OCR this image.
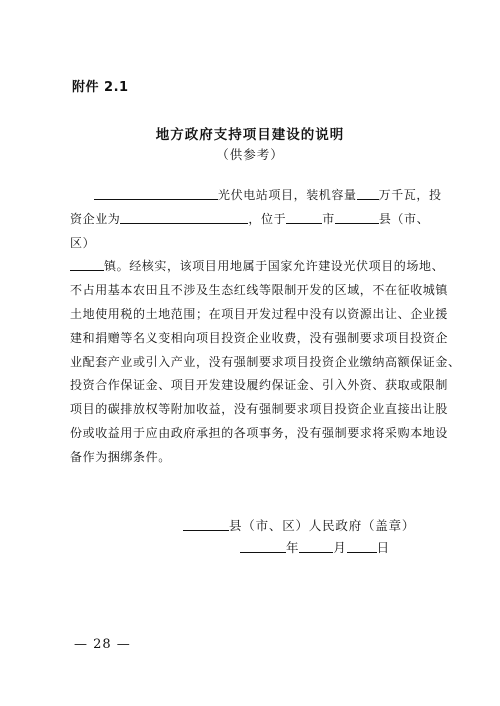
附件 2.1
地方政府支持项目建设的说明
（供参考）
光伏电站项目，装机容量 万千瓦，投
资企业为	，位于	市	县（市、
区）
镇。经核实，该项目用地属于国家允许建设光伏项目的场地、
不占用基本农田且不涉及生态红线等限制开发的区域，不在征收城镇
土地使用税的土地范围；在项目开发过程中没有以资源出让、企业援
建和捐赠等名义变相向项目投资企业收费，没有强制要求项目投资企
业配套产业或引入产业，没有强制要求项目投资企业缴纳高额保证金、
投资合作保证金、项目开发建设履约保证金、引入外资、获取或限制
项目的碳排放权等附加收益，没有强制要求项目投资企业直接出让股
份或收益用于应由政府承担的各项事务，没有强制要求将采购本地设
备作为捆绑条件。
县（市、区）人民政府（盖章）
年	月 日
— 28 —
